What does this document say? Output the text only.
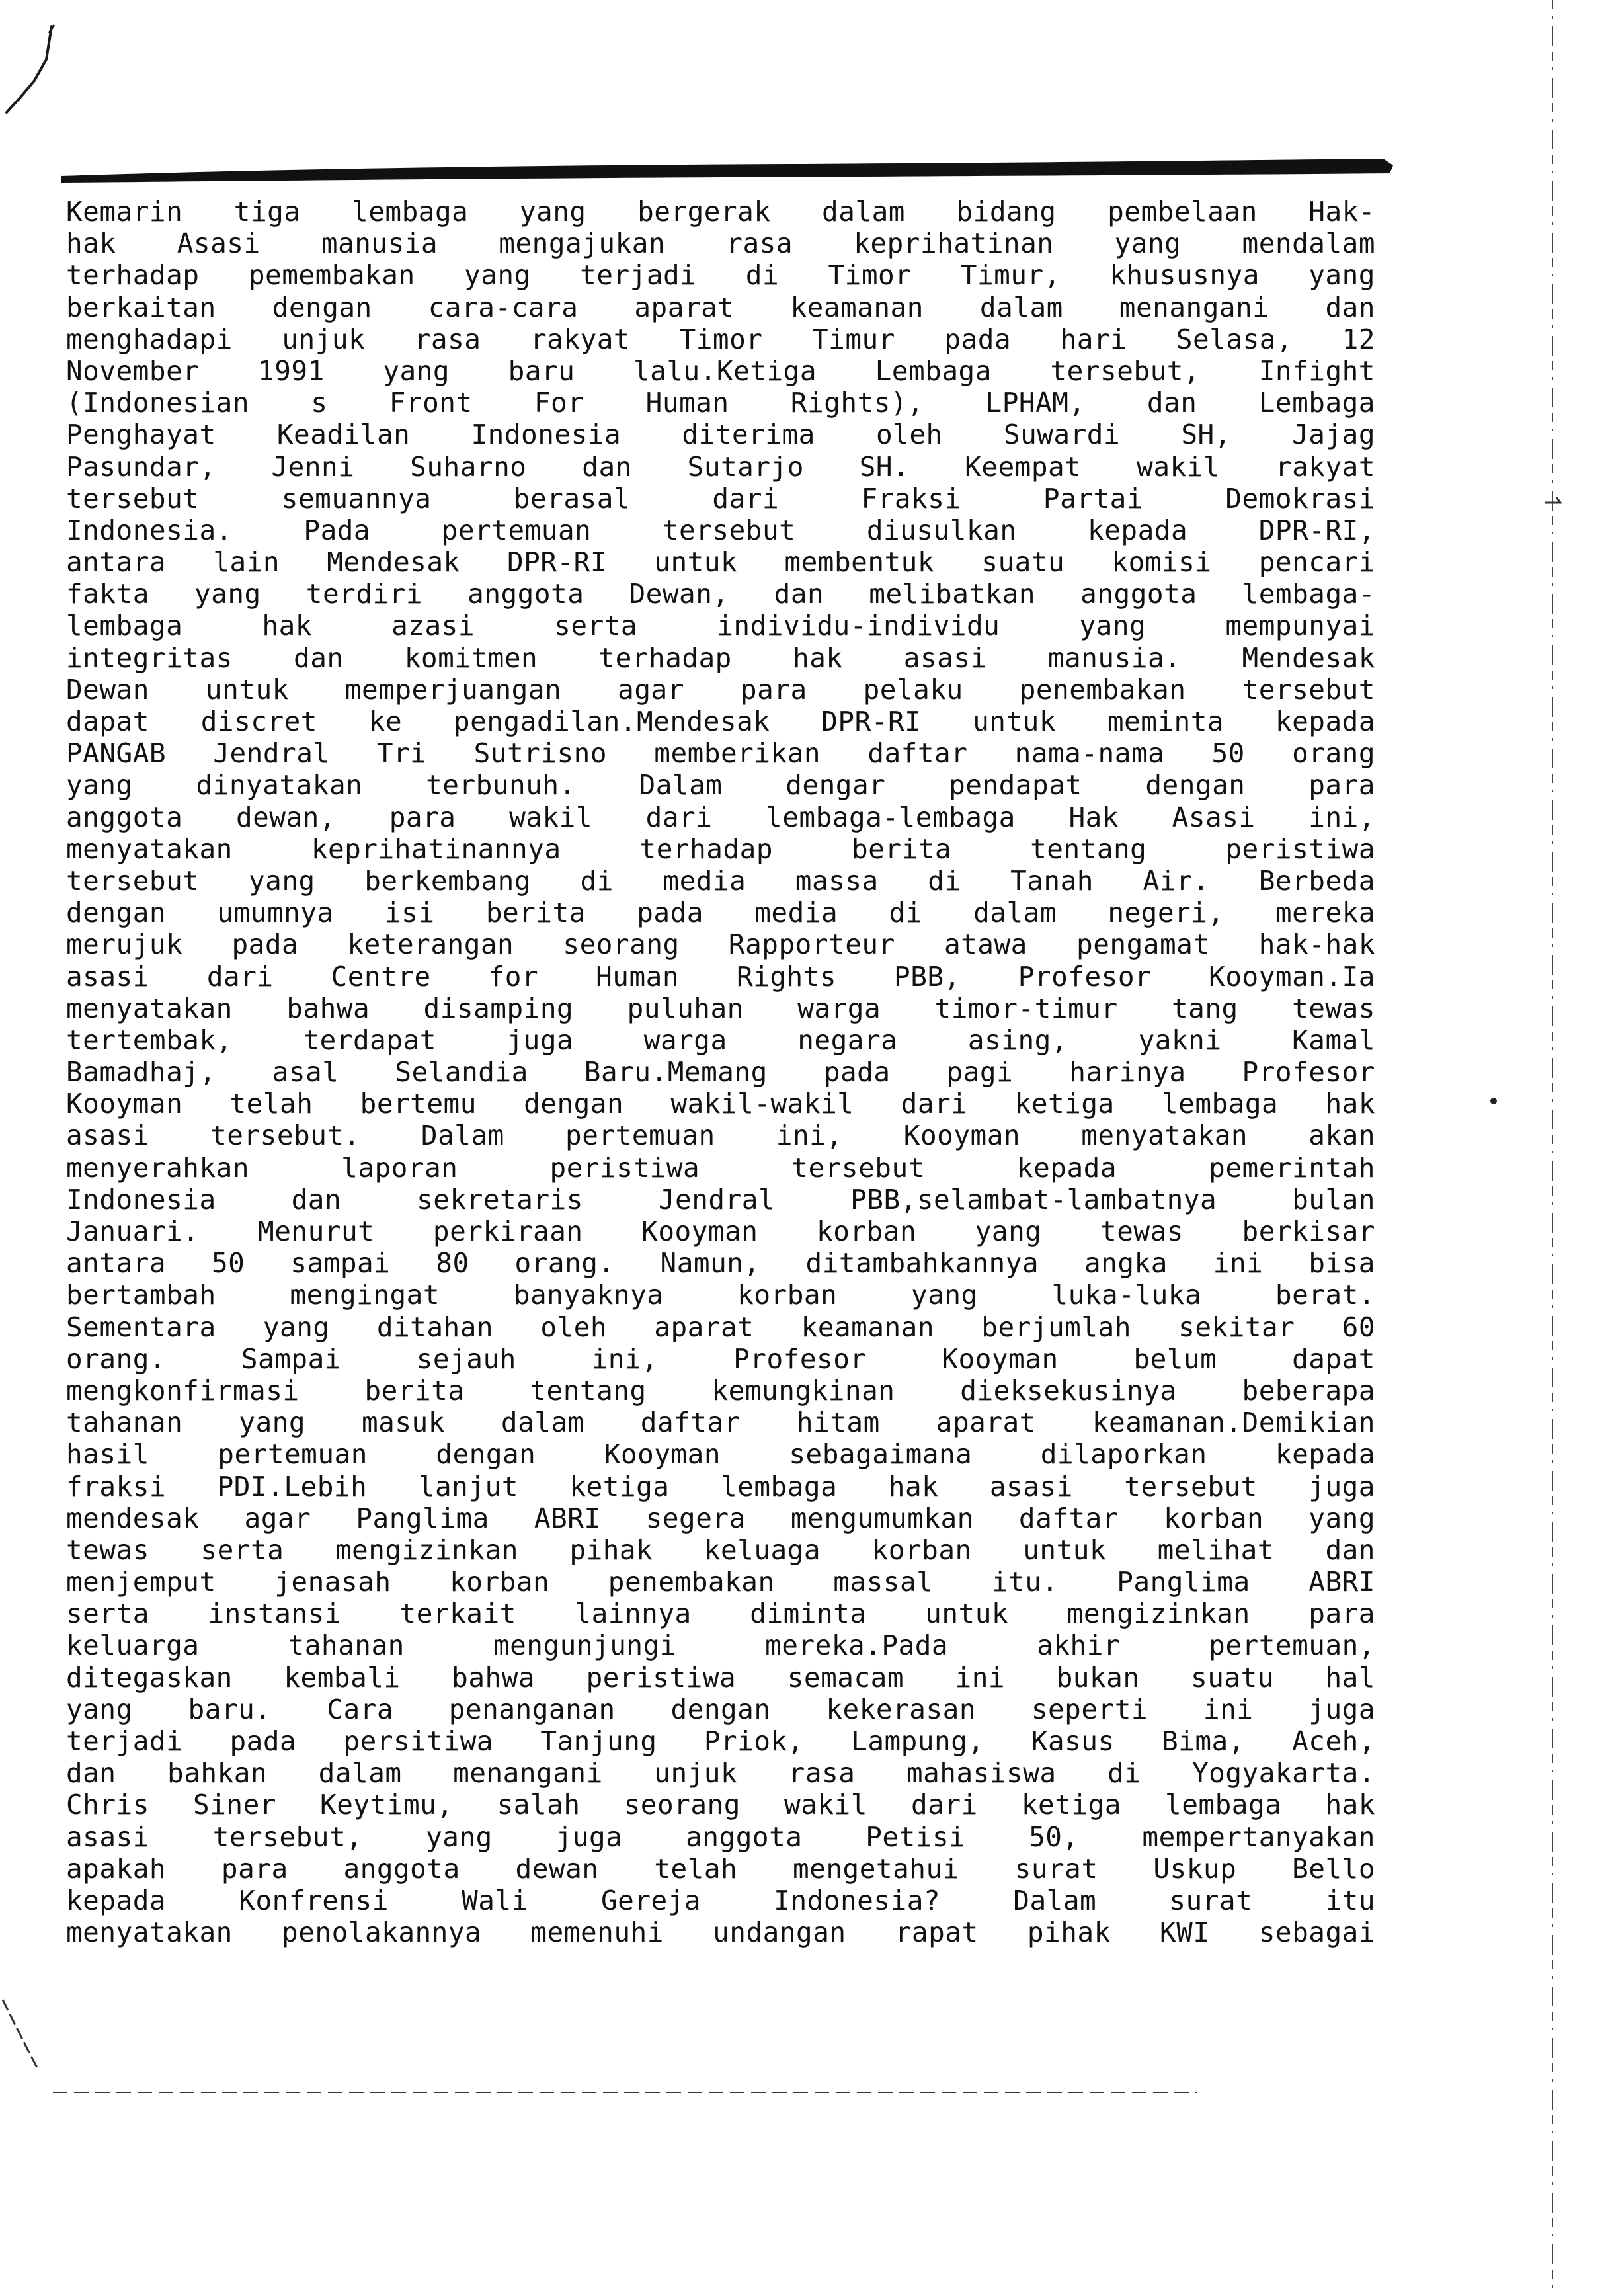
Kemarin tiga lembaga yang bergerak dalam bidang pembelaan Hak-
hak Asasi manusia mengajukan rasa keprihatinan yang mendalam
terhadap pemembakan yang terjadi di Timor Timur, khususnya yang
berkaitan dengan cara-cara aparat keamanan dalam menangani dan
menghadapi unjuk rasa rakyat Timor Timur pada hari Selasa, 12
November 1991 yang baru lalu.Ketiga Lembaga tersebut, Infight
(Indonesian s Front For Human Rights), LPHAM, dan Lembaga
Penghayat Keadilan Indonesia diterima oleh Suwardi SH, Jajag
Pasundar, Jenni Suharno dan Sutarjo SH. Keempat wakil rakyat
tersebut semuannya berasal dari Fraksi Partai Demokrasi
Indonesia. Pada pertemuan tersebut diusulkan kepada DPR-RI,
antara lain Mendesak DPR-RI untuk membentuk suatu komisi pencari
fakta yang terdiri anggota Dewan, dan melibatkan anggota lembaga-
lembaga hak azasi serta individu-individu yang mempunyai
integritas dan komitmen terhadap hak asasi manusia. Mendesak
Dewan untuk memperjuangan agar para pelaku penembakan tersebut
dapat discret ke pengadilan.Mendesak DPR-RI untuk meminta kepada
PANGAB Jendral Tri Sutrisno memberikan daftar nama-nama 50 orang
yang dinyatakan terbunuh. Dalam dengar pendapat dengan para
anggota dewan, para wakil dari lembaga-lembaga Hak Asasi ini,
menyatakan keprihatinannya terhadap berita tentang peristiwa
tersebut yang berkembang di media massa di Tanah Air. Berbeda
dengan umumnya isi berita pada media di dalam negeri, mereka
merujuk pada keterangan seorang Rapporteur atawa pengamat hak-hak
asasi dari Centre for Human Rights PBB, Profesor Kooyman.Ia
menyatakan bahwa disamping puluhan warga timor-timur tang tewas
tertembak, terdapat juga warga negara asing, yakni Kamal
Bamadhaj, asal Selandia Baru.Memang pada pagi harinya Profesor
Kooyman telah bertemu dengan wakil-wakil dari ketiga lembaga hak
asasi tersebut. Dalam pertemuan ini, Kooyman menyatakan akan
menyerahkan laporan peristiwa tersebut kepada pemerintah
Indonesia dan sekretaris Jendral PBB,selambat-lambatnya bulan
Januari. Menurut perkiraan Kooyman korban yang tewas berkisar
antara 50 sampai 80 orang. Namun, ditambahkannya angka ini bisa
bertambah mengingat banyaknya korban yang luka-luka berat.
Sementara yang ditahan oleh aparat keamanan berjumlah sekitar 60
orang. Sampai sejauh ini, Profesor Kooyman belum dapat
mengkonfirmasi berita tentang kemungkinan dieksekusinya beberapa
tahanan yang masuk dalam daftar hitam aparat keamanan.Demikian
hasil pertemuan dengan Kooyman sebagaimana dilaporkan kepada
fraksi PDI.Lebih lanjut ketiga lembaga hak asasi tersebut juga
mendesak agar Panglima ABRI segera mengumumkan daftar korban yang
tewas serta mengizinkan pihak keluaga korban untuk melihat dan
menjemput jenasah korban penembakan massal itu. Panglima ABRI
serta instansi terkait lainnya diminta untuk mengizinkan para
keluarga tahanan mengunjungi mereka.Pada akhir pertemuan,
ditegaskan kembali bahwa peristiwa semacam ini bukan suatu hal
yang baru. Cara penanganan dengan kekerasan seperti ini juga
terjadi pada persitiwa Tanjung Priok, Lampung, Kasus Bima, Aceh,
dan bahkan dalam menangani unjuk rasa mahasiswa di Yogyakarta.
Chris Siner Keytimu, salah seorang wakil dari ketiga lembaga hak
asasi tersebut, yang juga anggota Petisi 50, mempertanyakan
apakah para anggota dewan telah mengetahui surat Uskup Bello
kepada Konfrensi Wali Gereja Indonesia? Dalam surat itu
menyatakan penolakannya memenuhi undangan rapat pihak KWI sebagai
